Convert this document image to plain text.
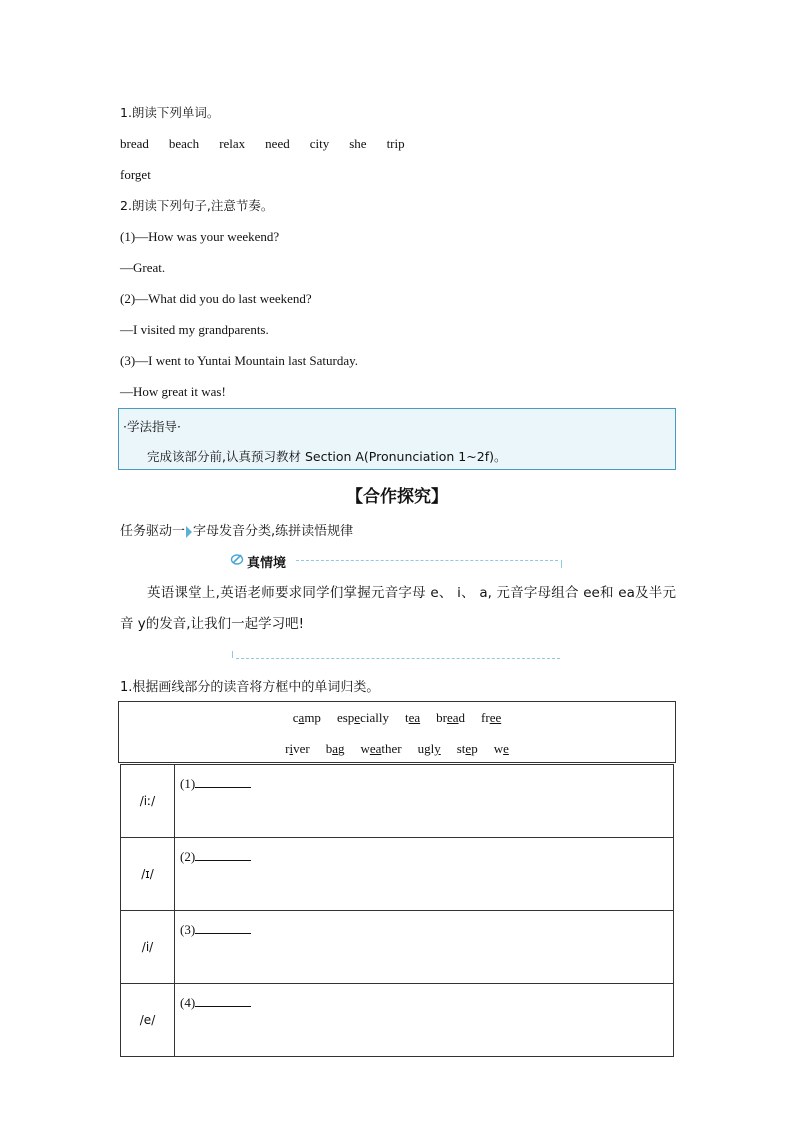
1.朗读下列单词。
bread beach relax need city she trip
forget
2.朗读下列句子,注意节奏。
(1)—How was your weekend?
—Great.
(2)—What did you do last weekend?
—I visited my grandparents.
(3)—I went to Yuntai Mountain last Saturday.
—How great it was!
·学法指导·
完成该部分前,认真预习教材 Section A(Pronunciation 1~2f)。
【合作探究】
任务驱动一 字母发音分类,练拼读悟规律
真情境
英语课堂上,英语老师要求同学们掌握元音字母 e、 i、 a, 元音字母组合 ee和 ea及半元音 y的发音,让我们一起学习吧!
1.根据画线部分的读音将方框中的单词归类。
camp especially tea bread free
river bag weather ugly step we
/iː/	(1)
/ɪ/	(2)
/i/	(3)
/e/	(4)
